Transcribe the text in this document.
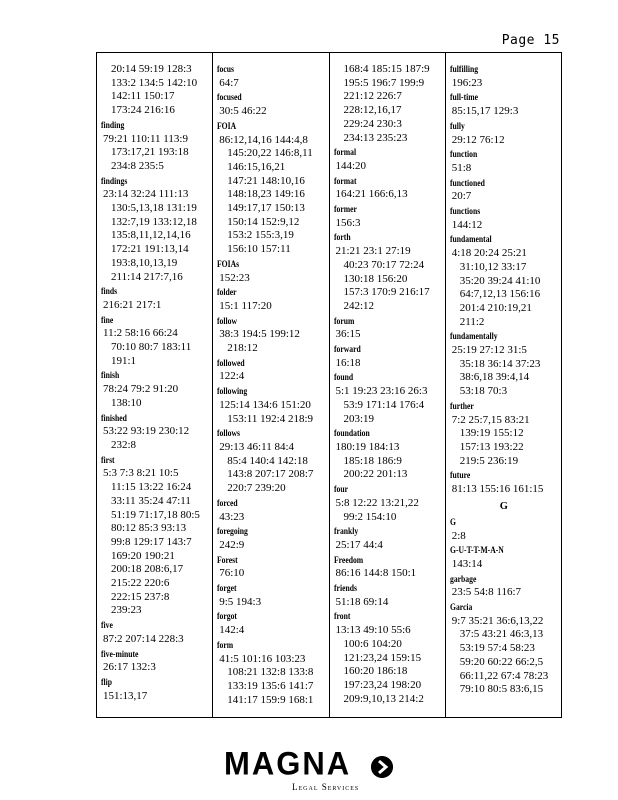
Page 15
20:14 59:19 128:3
133:2 134:5 142:10
142:11 150:17
173:24 216:16
finding
79:21 110:11 113:9
173:17,21 193:18
234:8 235:5
findings
23:14 32:24 111:13
130:5,13,18 131:19
132:7,19 133:12,18
135:8,11,12,14,16
172:21 191:13,14
193:8,10,13,19
211:14 217:7,16
finds
216:21 217:1
fine
11:2 58:16 66:24
70:10 80:7 183:11
191:1
finish
78:24 79:2 91:20
138:10
finished
53:22 93:19 230:12
232:8
first
5:3 7:3 8:21 10:5
11:15 13:22 16:24
33:11 35:24 47:11
51:19 71:17,18 80:5
80:12 85:3 93:13
99:8 129:17 143:7
169:20 190:21
200:18 208:6,17
215:22 220:6
222:15 237:8
239:23
five
87:2 207:14 228:3
five-minute
26:17 132:3
flip
151:13,17
focus
64:7
focused
30:5 46:22
FOIA
86:12,14,16 144:4,8
145:20,22 146:8,11
146:15,16,21
147:21 148:10,16
148:18,23 149:16
149:17,17 150:13
150:14 152:9,12
153:2 155:3,19
156:10 157:11
FOIAs
152:23
folder
15:1 117:20
follow
38:3 194:5 199:12
218:12
followed
122:4
following
125:14 134:6 151:20
153:11 192:4 218:9
follows
29:13 46:11 84:4
85:4 140:4 142:18
143:8 207:17 208:7
220:7 239:20
forced
43:23
foregoing
242:9
Forest
76:10
forget
9:5 194:3
forgot
142:4
form
41:5 101:16 103:23
108:21 132:8 133:8
133:19 135:6 141:7
141:17 159:9 168:1
168:4 185:15 187:9
195:5 196:7 199:9
221:12 226:7
228:12,16,17
229:24 230:3
234:13 235:23
formal
144:20
format
164:21 166:6,13
former
156:3
forth
21:21 23:1 27:19
40:23 70:17 72:24
130:18 156:20
157:3 170:9 216:17
242:12
forum
36:15
forward
16:18
found
5:1 19:23 23:16 26:3
53:9 171:14 176:4
203:19
foundation
180:19 184:13
185:18 186:9
200:22 201:13
four
5:8 12:22 13:21,22
99:2 154:10
frankly
25:17 44:4
Freedom
86:16 144:8 150:1
friends
51:18 69:14
front
13:13 49:10 55:6
100:6 104:20
121:23,24 159:15
160:20 186:18
197:23,24 198:20
209:9,10,13 214:2
fulfilling
196:23
full-time
85:15,17 129:3
fully
29:12 76:12
function
51:8
functioned
20:7
functions
144:12
fundamental
4:18 20:24 25:21
31:10,12 33:17
35:20 39:24 41:10
64:7,12,13 156:16
201:4 210:19,21
211:2
fundamentally
25:19 27:12 31:5
35:18 36:14 37:23
38:6,18 39:4,14
53:18 70:3
further
7:2 25:7,15 83:21
139:19 155:12
157:13 193:22
219:5 236:19
future
81:13 155:16 161:15
G
G
2:8
G-U-T-T-M-A-N
143:14
garbage
23:5 54:8 116:7
Garcia
9:7 35:21 36:6,13,22
37:5 43:21 46:3,13
53:19 57:4 58:23
59:20 60:22 66:2,5
66:11,22 67:4 78:23
79:10 80:5 83:6,15
MAGNA
Legal Services
